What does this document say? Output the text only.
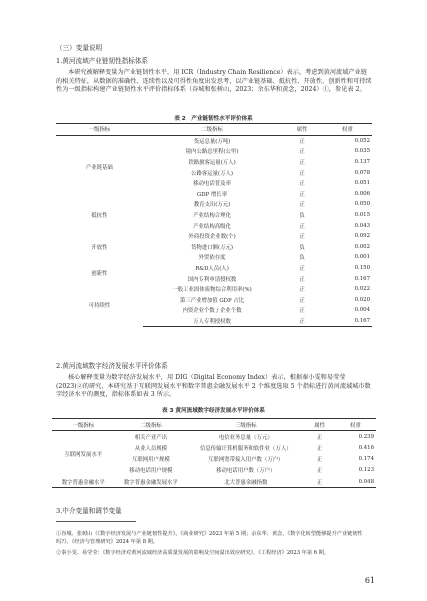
（三）变量说明
1.黄河流域产业链韧性指标体系

本研究被解释变量为产业链韧性水平，用 ICR（Industry Chain Resilience）表示。考虑到黄河流域产业链的相关特征，从数据的准确性、连续性以及可得性角度出发思考，以产业链基础、抵抗性、开放性、创新性和可持续性为一级指标构建产业链韧性水平评价指标体系（谷城和张树山，2023；余东华和黄念，2024）①，参见表 2。

表 2　产业链韧性水平评价体系
一级指标	二级指标	属性	权重
产业链基础	货运总量(万吨)	正	0.052
	境内公路总里程(公里)	正	0.035
	铁路旅客运量(万人)	正	0.137
	公路客运量(万人)	正	0.078
	移动电话普及率	正	0.051
	GDP 增长率	正	0.006
抵抗性	教育支出(万元)	正	0.050
	产业结构合理化	负	0.015
	产业结构高级化	正	0.043
开放性	外商投资企业数(个)	正	0.092
	货物进口额(万元)	负	0.002
	外贸依存度	负	0.001
创新性	R&D人员(人)	正	0.150
	国内专利申请授权数	正	0.167
可持续性	一般工业固体废物综合利用率(%)	正	0.022
	第三产业增加值 GDP 占比	正	0.020
	内资企业个数 / 企业个数	正	0.004
	万人专利授权数	正	0.167
2.黄河流域数字经济发展水平评价体系

核心解释变量为数字经济发展水平，用 DIG（Digital Economy Index）表示，根据秦小雯和易莹莹(2023)②的研究，本研究基于互联网发展水平和数字普惠金融发展水平 2 个维度选取 5 个指标进行黄河流域城市数字经济水平的测度，指标体系如表 3 所示。

表 3 黄河流域数字经济发展水平评价体系
一级指标	二级指标	三级指标	属性	权重
互联网发展水平	相关产业产出	电信业务总量（万元）	正	0.239
	从业人员规模	信息传输计算机服务和软件业（万人）	正	0.416
	互联网用户规模	互联网宽带接入用户数（万户）	正	0.174
	移动电话用户规模	移动电话用户数（万户）	正	0.123
数字普惠金融水平	数字普惠金融发展水平	北大普惠金融指数	正	0.048
3.中介变量和调节变量

①谷城、张树山（《数字经济发展与产业链韧性提升》，《商业研究》2023 年第 5 期；余东华、黄念，《数字化转型能够提升产业链韧性吗?》，《经济与管理研究》2024 年第 8 期。

②秦小雯、易莹莹：《数字经济对黄河流域经济高质量发展的影响及空间溢出效应研究》，《工程经济》2023 年第 6 期。

61
